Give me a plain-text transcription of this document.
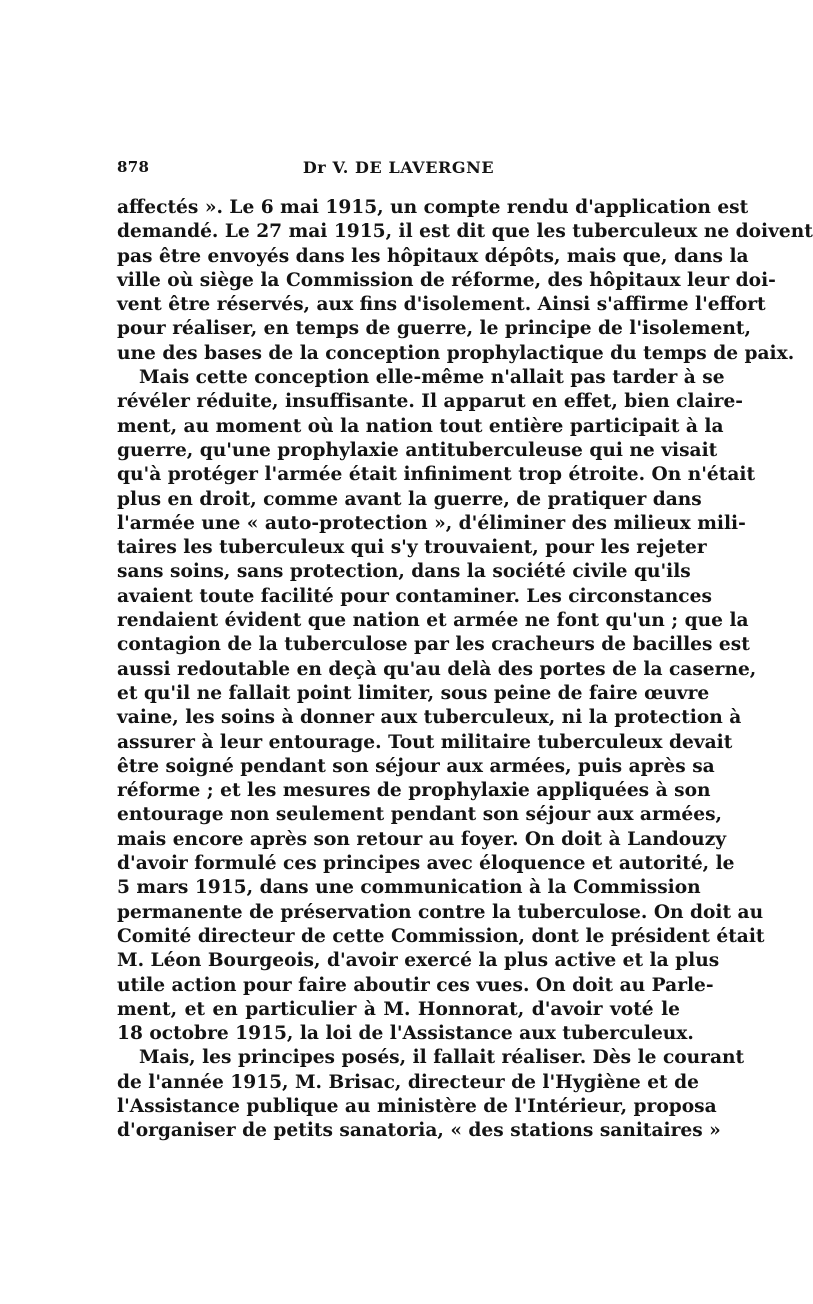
878	Dr V. DE LAVERGNE
affectés ». Le 6 mai 1915, un compte rendu d'application est
demandé. Le 27 mai 1915, il est dit que les tuberculeux ne doivent
pas être envoyés dans les hôpitaux dépôts, mais que, dans la
ville où siège la Commission de réforme, des hôpitaux leur doi-
vent être réservés, aux fins d'isolement. Ainsi s'affirme l'effort
pour réaliser, en temps de guerre, le principe de l'isolement,
une des bases de la conception prophylactique du temps de paix.
Mais cette conception elle-même n'allait pas tarder à se
révéler réduite, insuffisante. Il apparut en effet, bien claire-
ment, au moment où la nation tout entière participait à la
guerre, qu'une prophylaxie antituberculeuse qui ne visait
qu'à protéger l'armée était infiniment trop étroite. On n'était
plus en droit, comme avant la guerre, de pratiquer dans
l'armée une « auto-protection », d'éliminer des milieux mili-
taires les tuberculeux qui s'y trouvaient, pour les rejeter
sans soins, sans protection, dans la société civile qu'ils
avaient toute facilité pour contaminer. Les circonstances
rendaient évident que nation et armée ne font qu'un ; que la
contagion de la tuberculose par les cracheurs de bacilles est
aussi redoutable en deçà qu'au delà des portes de la caserne,
et qu'il ne fallait point limiter, sous peine de faire œuvre
vaine, les soins à donner aux tuberculeux, ni la protection à
assurer à leur entourage. Tout militaire tuberculeux devait
être soigné pendant son séjour aux armées, puis après sa
réforme ; et les mesures de prophylaxie appliquées à son
entourage non seulement pendant son séjour aux armées,
mais encore après son retour au foyer. On doit à Landouzy
d'avoir formulé ces principes avec éloquence et autorité, le
5 mars 1915, dans une communication à la Commission
permanente de préservation contre la tuberculose. On doit au
Comité directeur de cette Commission, dont le président était
M. Léon Bourgeois, d'avoir exercé la plus active et la plus
utile action pour faire aboutir ces vues. On doit au Parle-
ment, et en particulier à M. Honnorat, d'avoir voté le
18 octobre 1915, la loi de l'Assistance aux tuberculeux.
Mais, les principes posés, il fallait réaliser. Dès le courant
de l'année 1915, M. Brisac, directeur de l'Hygiène et de
l'Assistance publique au ministère de l'Intérieur, proposa
d'organiser de petits sanatoria, « des stations sanitaires »
